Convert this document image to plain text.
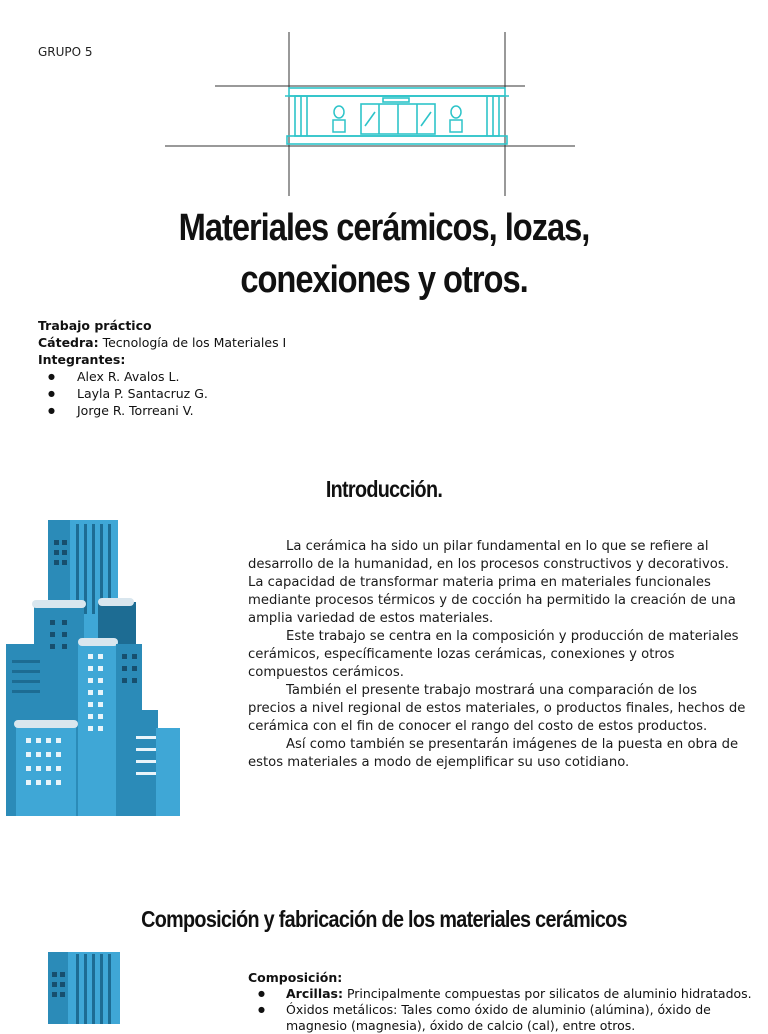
GRUPO 5
Materiales cerámicos, lozas,
conexiones y otros.
Trabajo práctico
Cátedra: Tecnología de los Materiales I
Integrantes:
● Alex R. Avalos L.
● Layla P. Santacruz G.
● Jorge R. Torreani V.
Introducción.

La cerámica ha sido un pilar fundamental en lo que se refiere al desarrollo de la humanidad, en los procesos constructivos y decorativos. La capacidad de transformar materia prima en materiales funcionales mediante procesos térmicos y de cocción ha permitido la creación de una amplia variedad de estos materiales.

Este trabajo se centra en la composición y producción de materiales cerámicos, específicamente lozas cerámicas, conexiones y otros compuestos cerámicos.

También el presente trabajo mostrará una comparación de los precios a nivel regional de estos materiales, o productos finales, hechos de cerámica con el fin de conocer el rango del costo de estos productos.

Así como también se presentarán imágenes de la puesta en obra de estos materiales a modo de ejemplificar su uso cotidiano.

Composición y fabricación de los materiales cerámicos
Composición:
● Arcillas: Principalmente compuestas por silicatos de aluminio hidratados.
● Óxidos metálicos: Tales como óxido de aluminio (alúmina), óxido de magnesio (magnesia), óxido de calcio (cal), entre otros.
